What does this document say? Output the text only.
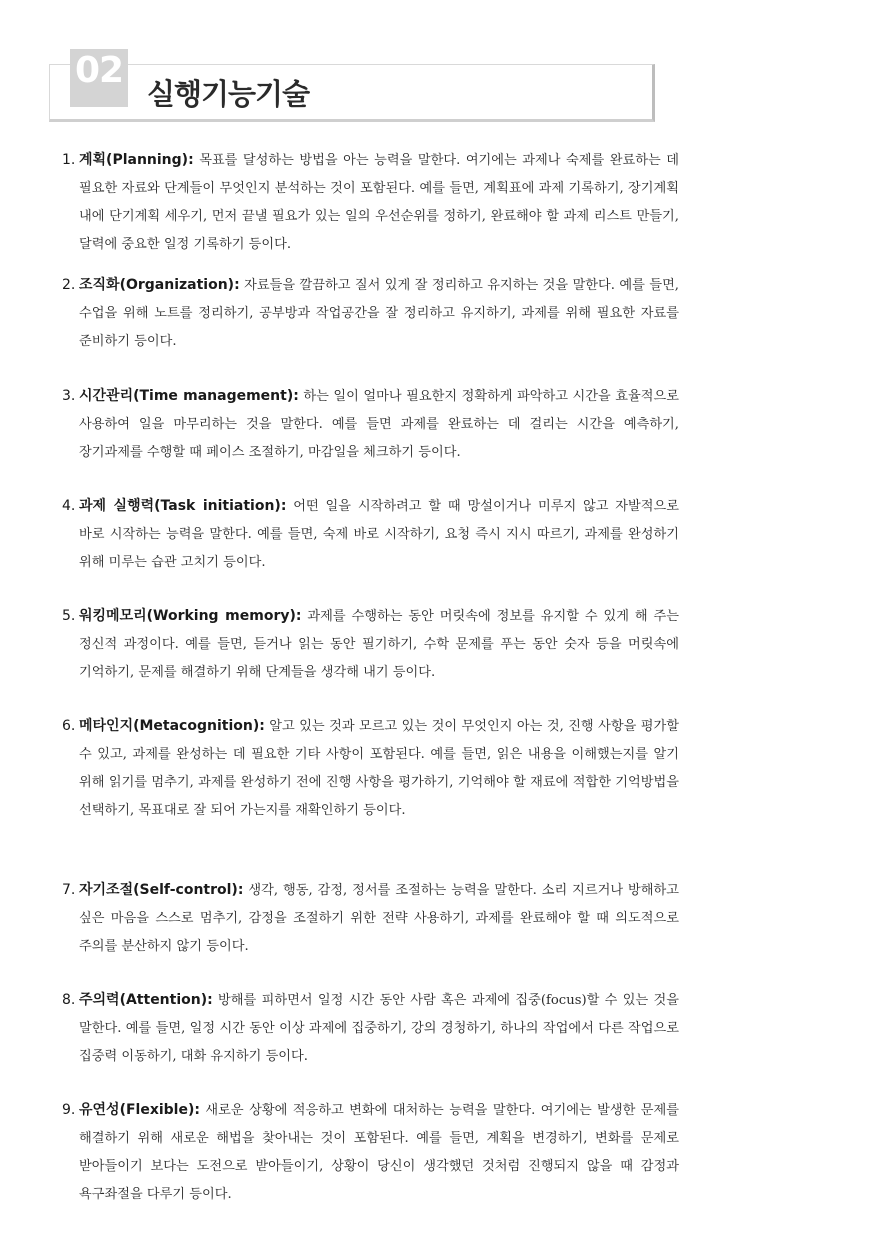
02
실행기능기술
1. 계획(Planning): 목표를 달성하는 방법을 아는 능력을 말한다. 여기에는 과제나 숙제를 완료하는 데 필요한 자료와 단계들이 무엇인지 분석하는 것이 포함된다. 예를 들면, 계획표에 과제 기록하기, 장기계획 내에 단기계획 세우기, 먼저 끝낼 필요가 있는 일의 우선순위를 정하기, 완료해야 할 과제 리스트 만들기, 달력에 중요한 일정 기록하기 등이다.
2. 조직화(Organization): 자료들을 깔끔하고 질서 있게 잘 정리하고 유지하는 것을 말한다. 예를 들면, 수업을 위해 노트를 정리하기, 공부방과 작업공간을 잘 정리하고 유지하기, 과제를 위해 필요한 자료를 준비하기 등이다.
3. 시간관리(Time management): 하는 일이 얼마나 필요한지 정확하게 파악하고 시간을 효율적으로 사용하여 일을 마무리하는 것을 말한다. 예를 들면 과제를 완료하는 데 걸리는 시간을 예측하기, 장기과제를 수행할 때 페이스 조절하기, 마감일을 체크하기 등이다.
4. 과제 실행력(Task initiation): 어떤 일을 시작하려고 할 때 망설이거나 미루지 않고 자발적으로 바로 시작하는 능력을 말한다. 예를 들면, 숙제 바로 시작하기, 요청 즉시 지시 따르기, 과제를 완성하기 위해 미루는 습관 고치기 등이다.
5. 워킹메모리(Working memory): 과제를 수행하는 동안 머릿속에 정보를 유지할 수 있게 해 주는 정신적 과정이다. 예를 들면, 듣거나 읽는 동안 필기하기, 수학 문제를 푸는 동안 숫자 등을 머릿속에 기억하기, 문제를 해결하기 위해 단계들을 생각해 내기 등이다.
6. 메타인지(Metacognition): 알고 있는 것과 모르고 있는 것이 무엇인지 아는 것, 진행 사항을 평가할 수 있고, 과제를 완성하는 데 필요한 기타 사항이 포함된다. 예를 들면, 읽은 내용을 이해했는지를 알기 위해 읽기를 멈추기, 과제를 완성하기 전에 진행 사항을 평가하기, 기억해야 할 재료에 적합한 기억방법을 선택하기, 목표대로 잘 되어 가는지를 재확인하기 등이다.
7. 자기조절(Self-control): 생각, 행동, 감정, 정서를 조절하는 능력을 말한다. 소리 지르거나 방해하고 싶은 마음을 스스로 멈추기, 감정을 조절하기 위한 전략 사용하기, 과제를 완료해야 할 때 의도적으로 주의를 분산하지 않기 등이다.
8. 주의력(Attention): 방해를 피하면서 일정 시간 동안 사람 혹은 과제에 집중(focus)할 수 있는 것을 말한다. 예를 들면, 일정 시간 동안 이상 과제에 집중하기, 강의 경청하기, 하나의 작업에서 다른 작업으로 집중력 이동하기, 대화 유지하기 등이다.
9. 유연성(Flexible): 새로운 상황에 적응하고 변화에 대처하는 능력을 말한다. 여기에는 발생한 문제를 해결하기 위해 새로운 해법을 찾아내는 것이 포함된다. 예를 들면, 계획을 변경하기, 변화를 문제로 받아들이기 보다는 도전으로 받아들이기, 상황이 당신이 생각했던 것처럼 진행되지 않을 때 감정과 욕구좌절을 다루기 등이다.
